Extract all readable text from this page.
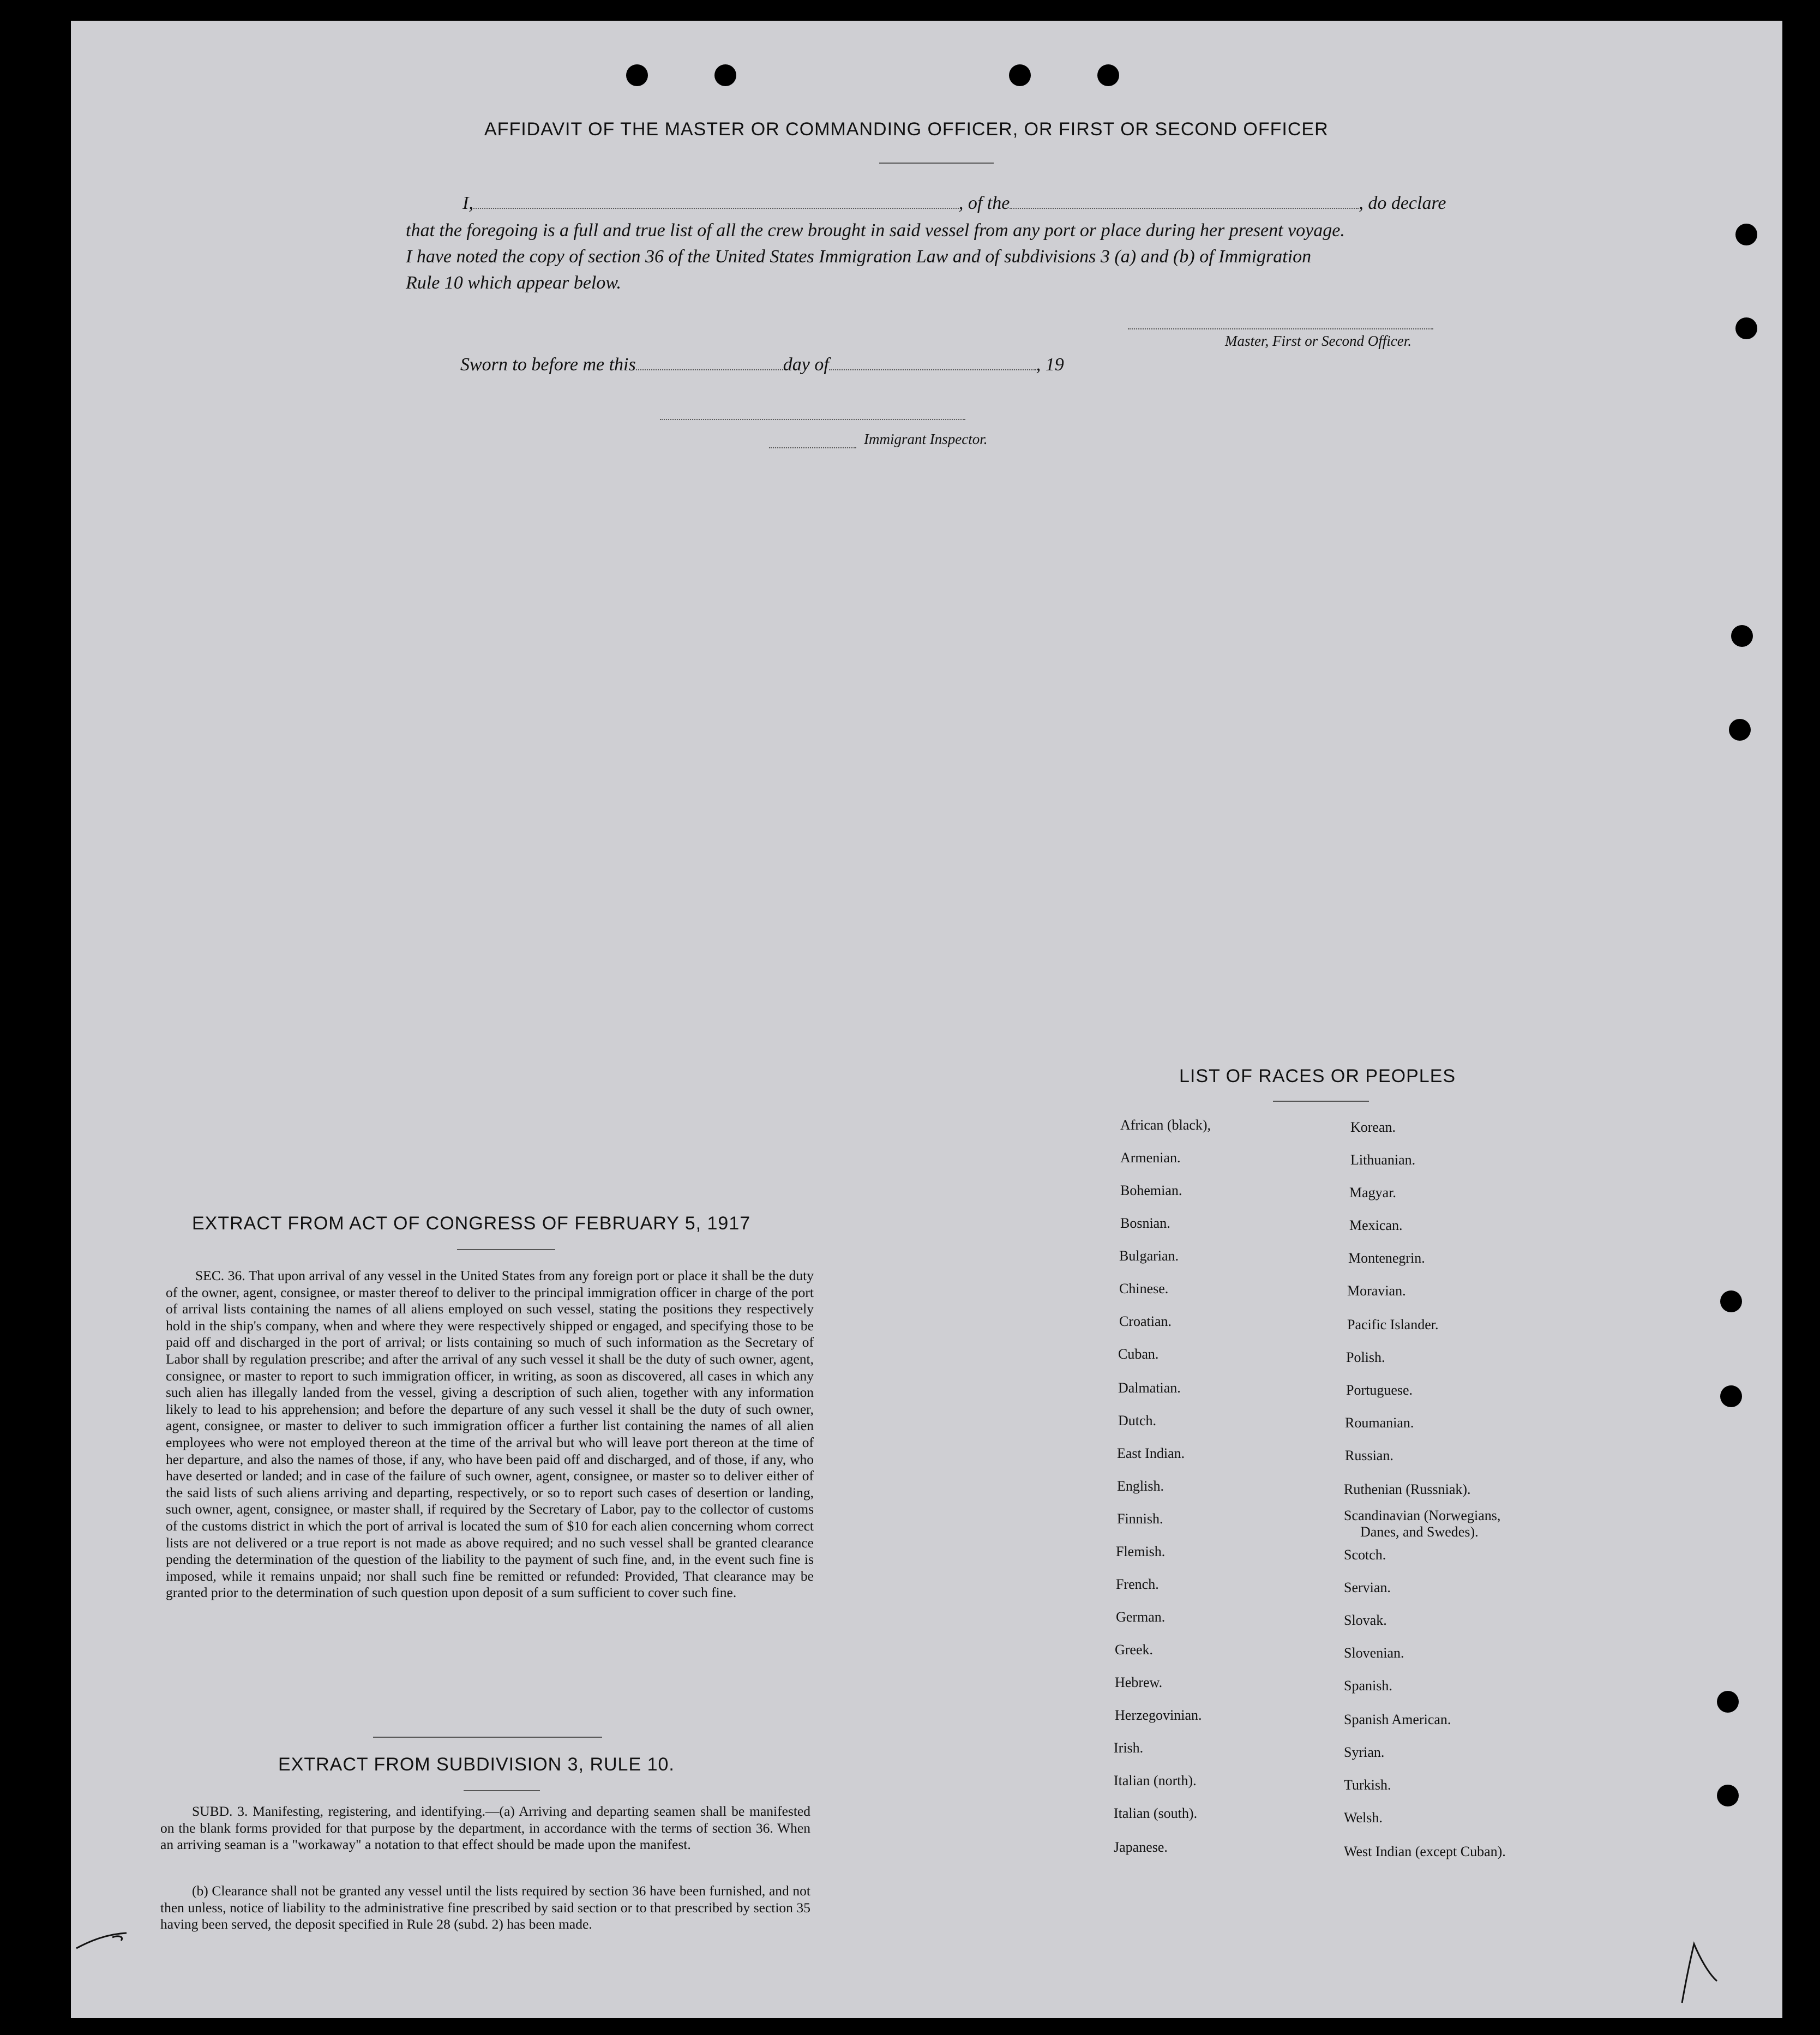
AFFIDAVIT OF THE MASTER OR COMMANDING OFFICER, OR FIRST OR SECOND OFFICER
I,	, of the	, do declare
that the foregoing is a full and true list of all the crew brought in said vessel from any port or place during her present voyage.
I have noted the copy of section 36 of the United States Immigration Law and of subdivisions 3 (a) and (b) of Immigration
Rule 10 which appear below.
Master, First or Second Officer.
Sworn to before me this	day of	, 19
Immigrant Inspector.
EXTRACT FROM ACT OF CONGRESS OF FEBRUARY 5, 1917
SEC. 36. That upon arrival of any vessel in the United States from any foreign port or place it shall be the duty of the owner, agent, consignee, or master thereof to deliver to the principal immigration officer in charge of the port of arrival lists containing the names of all aliens employed on such vessel, stating the positions they respectively hold in the ship's company, when and where they were respectively shipped or engaged, and specifying those to be paid off and discharged in the port of arrival; or lists containing so much of such information as the Secretary of Labor shall by regulation prescribe; and after the arrival of any such vessel it shall be the duty of such owner, agent, consignee, or master to report to such immigration officer, in writing, as soon as discovered, all cases in which any such alien has illegally landed from the vessel, giving a description of such alien, together with any information likely to lead to his apprehension; and before the departure of any such vessel it shall be the duty of such owner, agent, consignee, or master to deliver to such immigration officer a further list containing the names of all alien employees who were not employed thereon at the time of the arrival but who will leave port thereon at the time of her departure, and also the names of those, if any, who have been paid off and discharged, and of those, if any, who have deserted or landed; and in case of the failure of such owner, agent, consignee, or master so to deliver either of the said lists of such aliens arriving and departing, respectively, or so to report such cases of desertion or landing, such owner, agent, consignee, or master shall, if required by the Secretary of Labor, pay to the collector of customs of the customs district in which the port of arrival is located the sum of $10 for each alien concerning whom correct lists are not delivered or a true report is not made as above required; and no such vessel shall be granted clearance pending the determination of the question of the liability to the payment of such fine, and, in the event such fine is imposed, while it remains unpaid; nor shall such fine be remitted or refunded: Provided, That clearance may be granted prior to the determination of such question upon deposit of a sum sufficient to cover such fine.
EXTRACT FROM SUBDIVISION 3, RULE 10.
SUBD. 3. Manifesting, registering, and identifying.—(a) Arriving and departing seamen shall be manifested on the blank forms provided for that purpose by the department, in accordance with the terms of section 36. When an arriving seaman is a "workaway" a notation to that effect should be made upon the manifest.
(b) Clearance shall not be granted any vessel until the lists required by section 36 have been furnished, and not then unless, notice of liability to the administrative fine prescribed by said section or to that prescribed by section 35 having been served, the deposit specified in Rule 28 (subd. 2) has been made.
LIST OF RACES OR PEOPLES
African (black),
Armenian.
Bohemian.
Bosnian.
Bulgarian.
Chinese.
Croatian.
Cuban.
Dalmatian.
Dutch.
East Indian.
English.
Finnish.
Flemish.
French.
German.
Greek.
Hebrew.
Herzegovinian.
Irish.
Italian (north).
Italian (south).
Japanese.
Korean.
Lithuanian.
Magyar.
Mexican.
Montenegrin.
Moravian.
Pacific Islander.
Polish.
Portuguese.
Roumanian.
Russian.
Ruthenian (Russniak).
Scandinavian (Norwegians,
Danes, and Swedes).
Scotch.
Servian.
Slovak.
Slovenian.
Spanish.
Spanish American.
Syrian.
Turkish.
Welsh.
West Indian (except Cuban).
